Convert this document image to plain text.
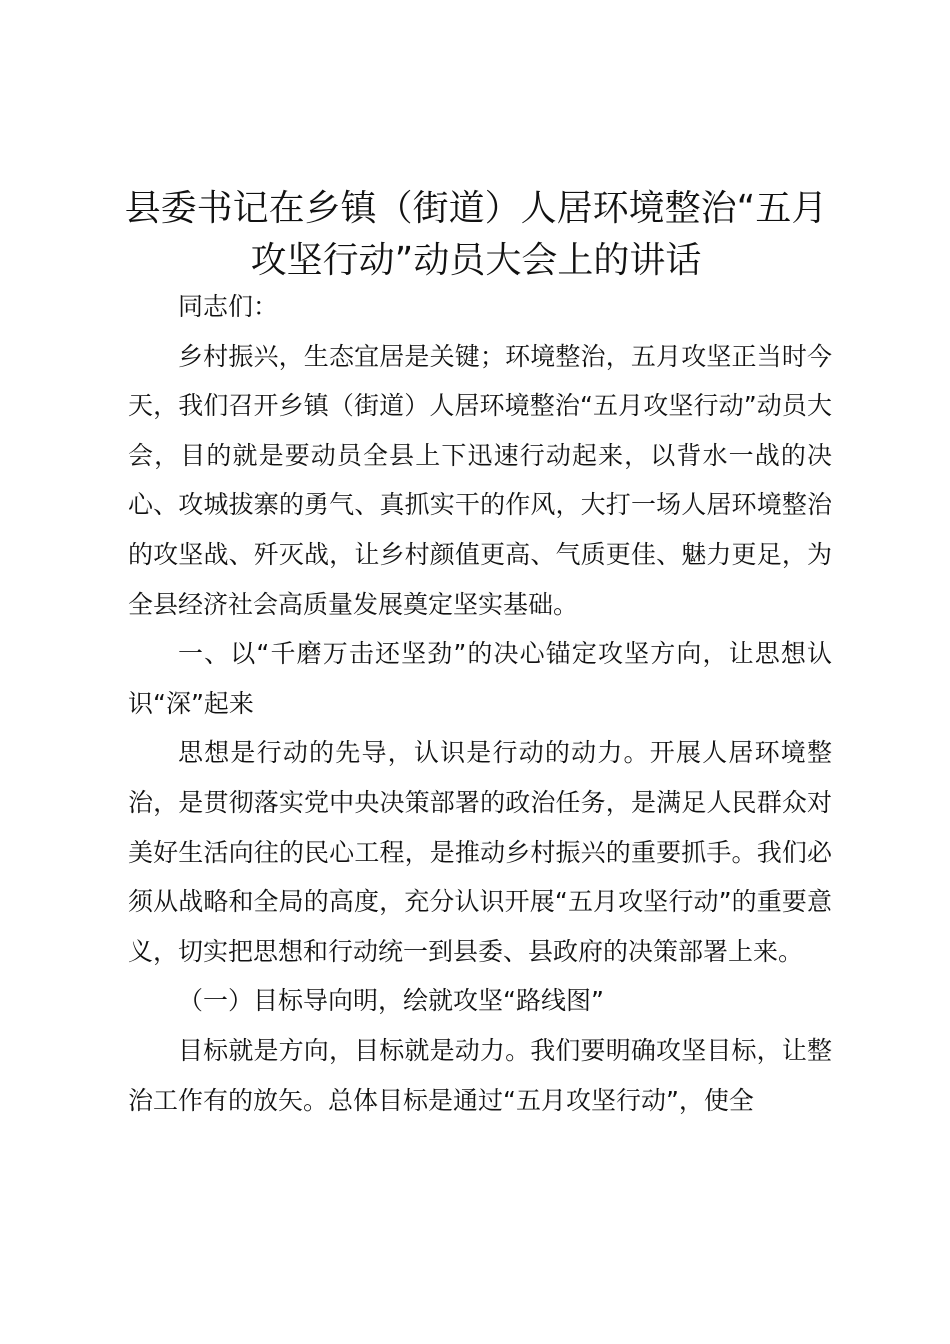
县委书记在乡镇（街道）人居环境整治“五月攻坚行动”动员大会上的讲话

同志们：

乡村振兴，生态宜居是关键；环境整治，五月攻坚正当时今天，我们召开乡镇（街道）人居环境整治“五月攻坚行动”动员大会，目的就是要动员全县上下迅速行动起来，以背水一战的决心、攻城拔寨的勇气、真抓实干的作风，大打一场人居环境整治的攻坚战、歼灭战，让乡村颜值更高、气质更佳、魅力更足，为全县经济社会高质量发展奠定坚实基础。

一、以“千磨万击还坚劲”的决心锚定攻坚方向，让思想认识“深”起来

思想是行动的先导，认识是行动的动力。开展人居环境整治，是贯彻落实党中央决策部署的政治任务，是满足人民群众对美好生活向往的民心工程，是推动乡村振兴的重要抓手。我们必须从战略和全局的高度，充分认识开展“五月攻坚行动”的重要意义，切实把思想和行动统一到县委、县政府的决策部署上来。

（一）目标导向明，绘就攻坚“路线图”

目标就是方向，目标就是动力。我们要明确攻坚目标，让整治工作有的放矢。总体目标是通过“五月攻坚行动”，使全
